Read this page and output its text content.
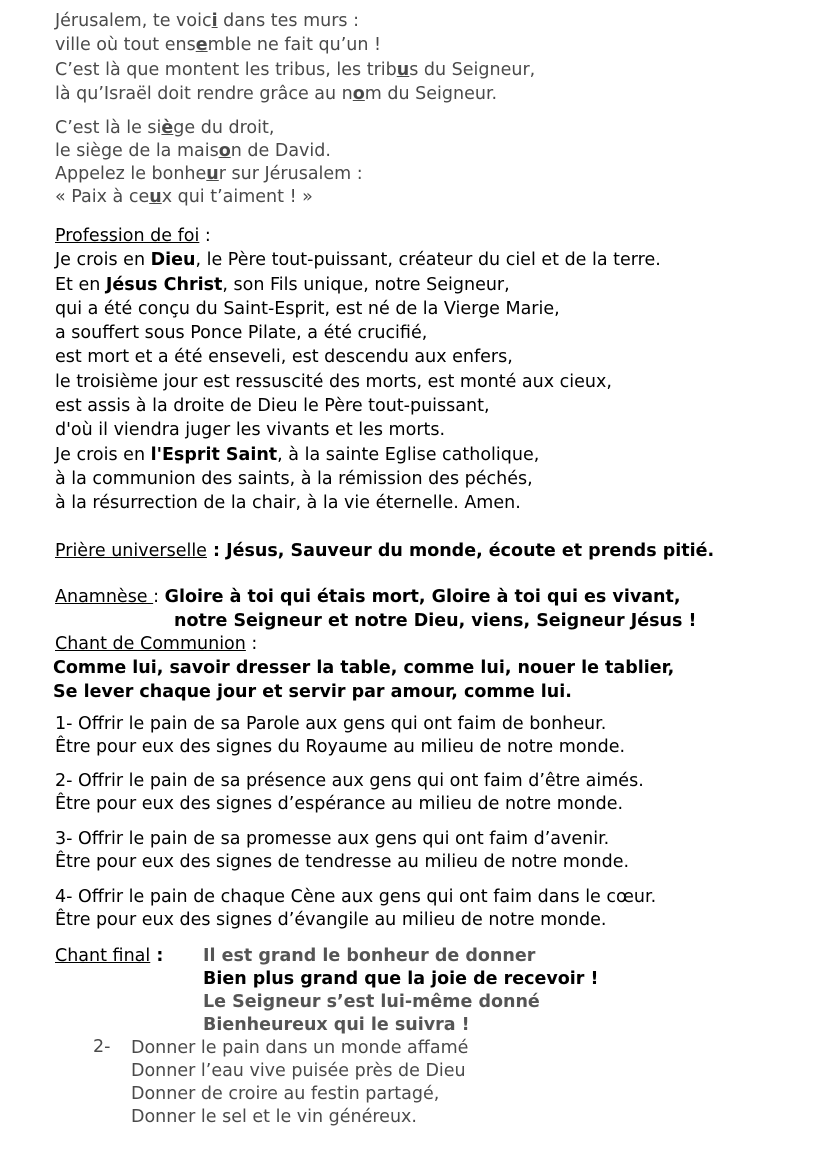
Jérusalem, te voici dans tes murs :
ville où tout ensemble ne fait qu’un !
C’est là que montent les tribus, les tribus du Seigneur,
là qu’Israël doit rendre grâce au nom du Seigneur.
C’est là le siège du droit,
le siège de la maison de David.
Appelez le bonheur sur Jérusalem :
« Paix à ceux qui t’aiment ! »
Profession de foi :
Je crois en Dieu, le Père tout-puissant, créateur du ciel et de la terre.
Et en Jésus Christ, son Fils unique, notre Seigneur,
qui a été conçu du Saint-Esprit, est né de la Vierge Marie,
a souffert sous Ponce Pilate, a été crucifié,
est mort et a été enseveli, est descendu aux enfers,
le troisième jour est ressuscité des morts, est monté aux cieux,
est assis à la droite de Dieu le Père tout-puissant,
d'où il viendra juger les vivants et les morts.
Je crois en l'Esprit Saint, à la sainte Eglise catholique,
à la communion des saints, à la rémission des péchés,
à la résurrection de la chair, à la vie éternelle. Amen.
Prière universelle : Jésus, Sauveur du monde, écoute et prends pitié.
Anamnèse : Gloire à toi qui étais mort, Gloire à toi qui es vivant,
notre Seigneur et notre Dieu, viens, Seigneur Jésus !
Chant de Communion :
Comme lui, savoir dresser la table, comme lui, nouer le tablier,
Se lever chaque jour et servir par amour, comme lui.
1- Offrir le pain de sa Parole aux gens qui ont faim de bonheur.
Être pour eux des signes du Royaume au milieu de notre monde.
2- Offrir le pain de sa présence aux gens qui ont faim d’être aimés.
Être pour eux des signes d’espérance au milieu de notre monde.
3- Offrir le pain de sa promesse aux gens qui ont faim d’avenir.
Être pour eux des signes de tendresse au milieu de notre monde.
4- Offrir le pain de chaque Cène aux gens qui ont faim dans le cœur.
Être pour eux des signes d’évangile au milieu de notre monde.
Chant final : Il est grand le bonheur de donner
Bien plus grand que la joie de recevoir !
Le Seigneur s’est lui-même donné
Bienheureux qui le suivra !
2- Donner le pain dans un monde affamé
Donner l’eau vive puisée près de Dieu
Donner de croire au festin partagé,
Donner le sel et le vin généreux.
